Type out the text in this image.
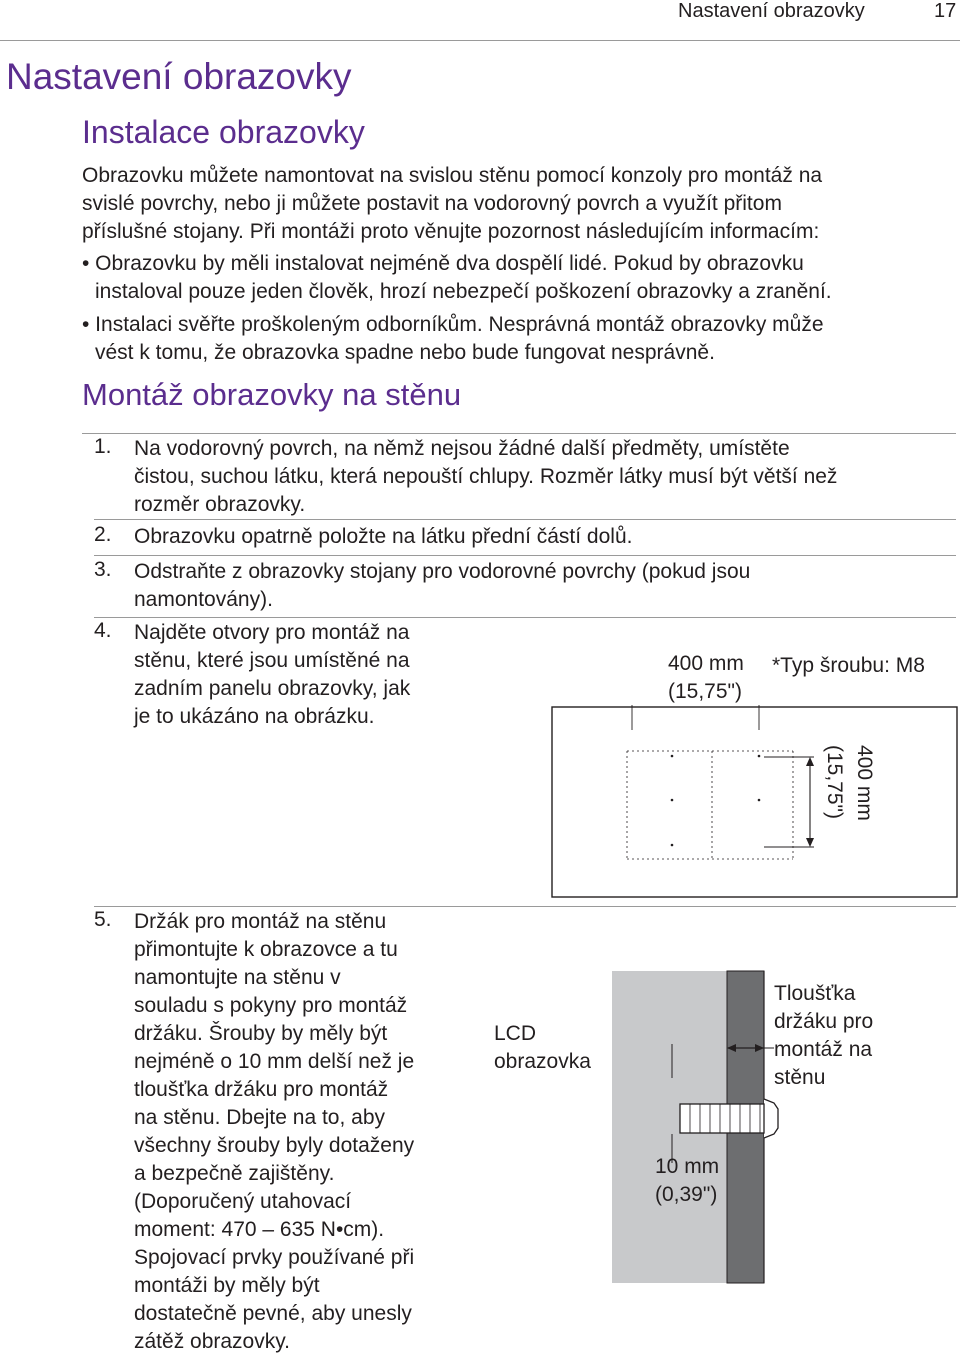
Nastavení obrazovky	17
Nastavení obrazovky
Instalace obrazovky
Obrazovku můžete namontovat na svislou stěnu pomocí konzoly pro montáž na
svislé povrchy, nebo ji můžete postavit na vodorovný povrch a využít přitom
příslušné stojany. Při montáži proto věnujte pozornost následujícím informacím:
• Obrazovku by měli instalovat nejméně dva dospělí lidé. Pokud by obrazovku
instaloval pouze jeden člověk, hrozí nebezpečí poškození obrazovky a zranění.
• Instalaci svěřte proškoleným odborníkům. Nesprávná montáž obrazovky může
vést k tomu, že obrazovka spadne nebo bude fungovat nesprávně.
Montáž obrazovky na stěnu
1. Na vodorovný povrch, na němž nejsou žádné další předměty, umístěte
čistou, suchou látku, která nepouští chlupy. Rozměr látky musí být větší než
rozměr obrazovky.
2. Obrazovku opatrně položte na látku přední částí dolů.
3. Odstraňte z obrazovky stojany pro vodorovné povrchy (pokud jsou
namontovány).
4. Najděte otvory pro montáž na
stěnu, které jsou umístěné na
zadním panelu obrazovky, jak
je to ukázáno na obrázku.
400 mm
(15,75")
*Typ šroubu: M8
400 mm
(15,75")
5. Držák pro montáž na stěnu
přimontujte k obrazovce a tu
namontujte na stěnu v
souladu s pokyny pro montáž
držáku. Šrouby by měly být
nejméně o 10 mm delší než je
tloušťka držáku pro montáž
na stěnu. Dbejte na to, aby
všechny šrouby byly dotaženy
a bezpečně zajištěny.
(Doporučený utahovací
moment: 470 – 635 N•cm).
Spojovací prvky používané při
montáži by měly být
dostatečně pevné, aby unesly
zátěž obrazovky.
LCD
obrazovka
Tloušťka
držáku pro
montáž na
stěnu
10 mm
(0,39")
